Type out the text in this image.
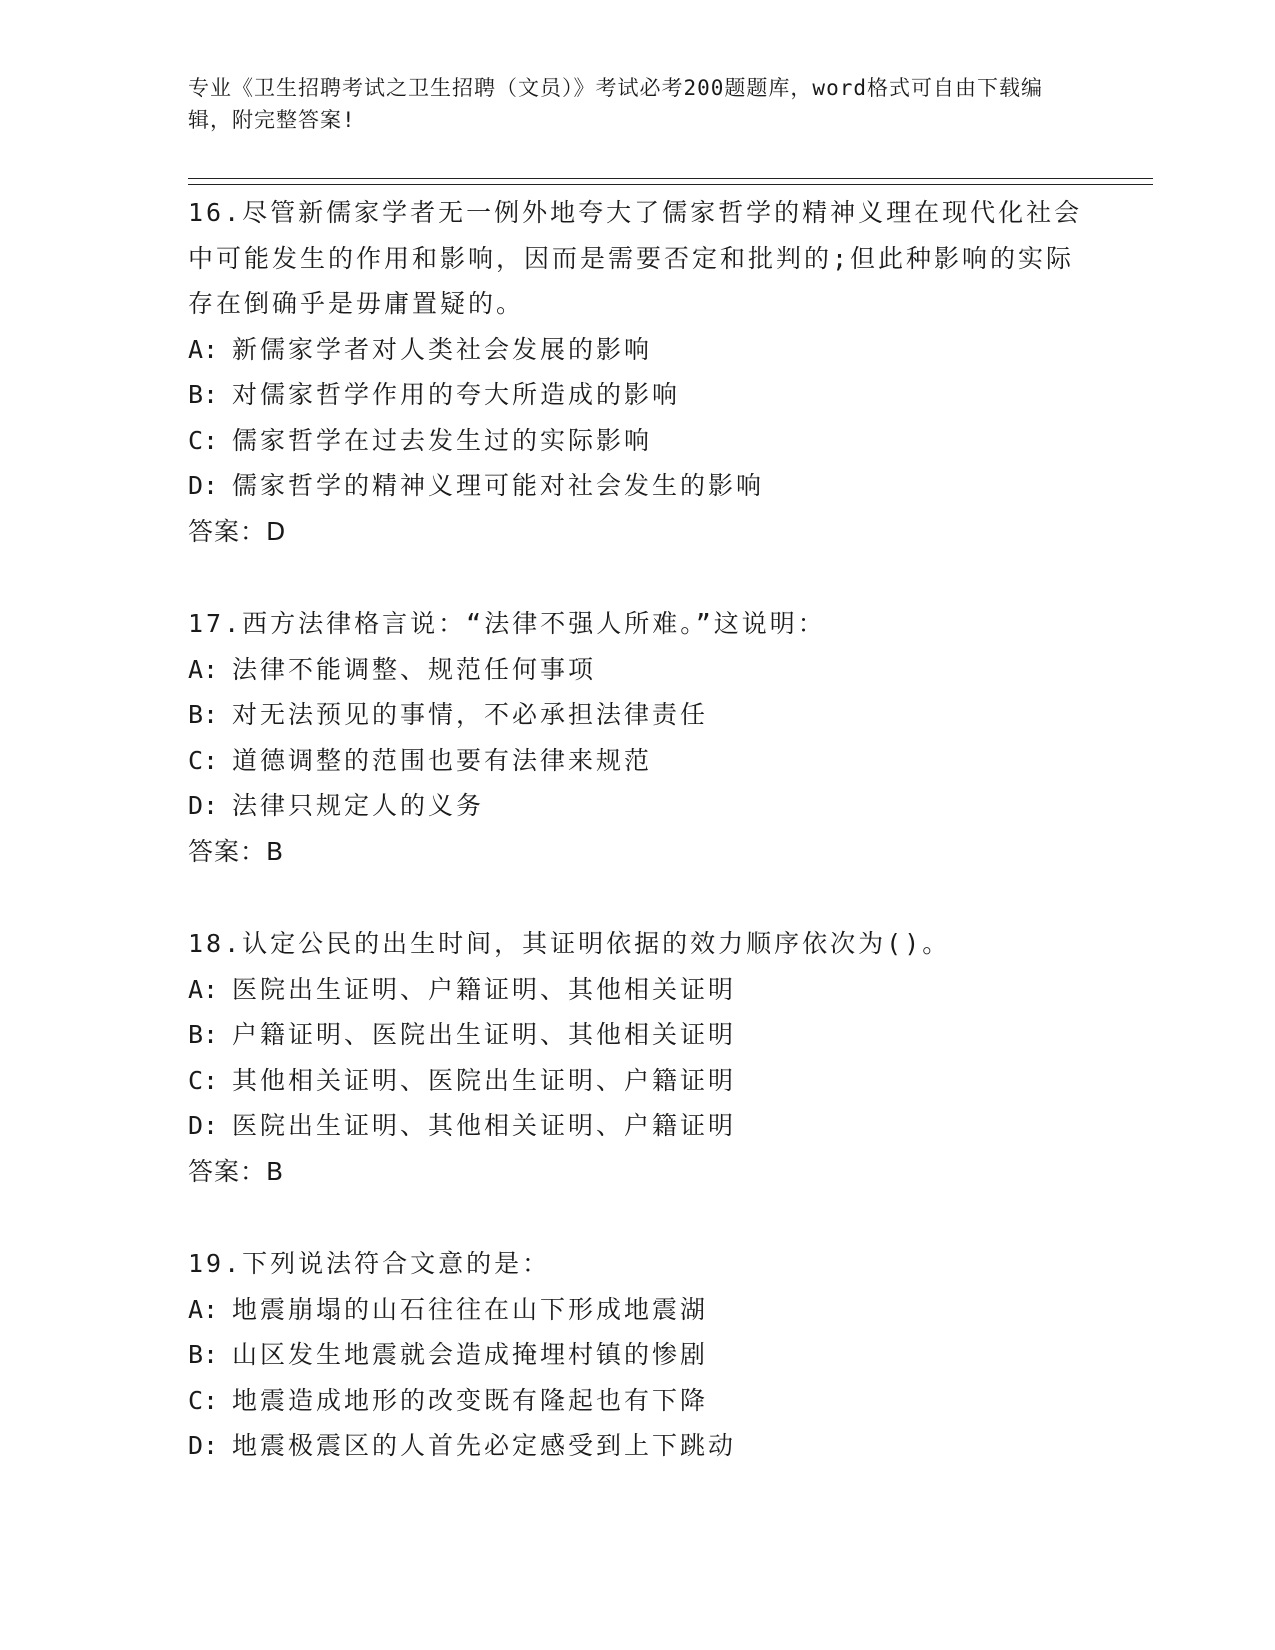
专业《卫生招聘考试之卫生招聘（文员）》考试必考200题题库，word格式可自由下载编辑，附完整答案!

16.尽管新儒家学者无一例外地夸大了儒家哲学的精神义理在现代化社会中可能发生的作用和影响，因而是需要否定和批判的;但此种影响的实际存在倒确乎是毋庸置疑的。

A: 新儒家学者对人类社会发展的影响

B: 对儒家哲学作用的夸大所造成的影响

C: 儒家哲学在过去发生过的实际影响

D: 儒家哲学的精神义理可能对社会发生的影响

答案：D

17.西方法律格言说：“法律不强人所难。”这说明：

A: 法律不能调整、规范任何事项

B: 对无法预见的事情，不必承担法律责任

C: 道德调整的范围也要有法律来规范

D: 法律只规定人的义务

答案：B

18.认定公民的出生时间，其证明依据的效力顺序依次为()。

A: 医院出生证明、户籍证明、其他相关证明

B: 户籍证明、医院出生证明、其他相关证明

C: 其他相关证明、医院出生证明、户籍证明

D: 医院出生证明、其他相关证明、户籍证明

答案：B

19.下列说法符合文意的是：

A: 地震崩塌的山石往往在山下形成地震湖

B: 山区发生地震就会造成掩埋村镇的惨剧

C: 地震造成地形的改变既有隆起也有下降

D: 地震极震区的人首先必定感受到上下跳动
